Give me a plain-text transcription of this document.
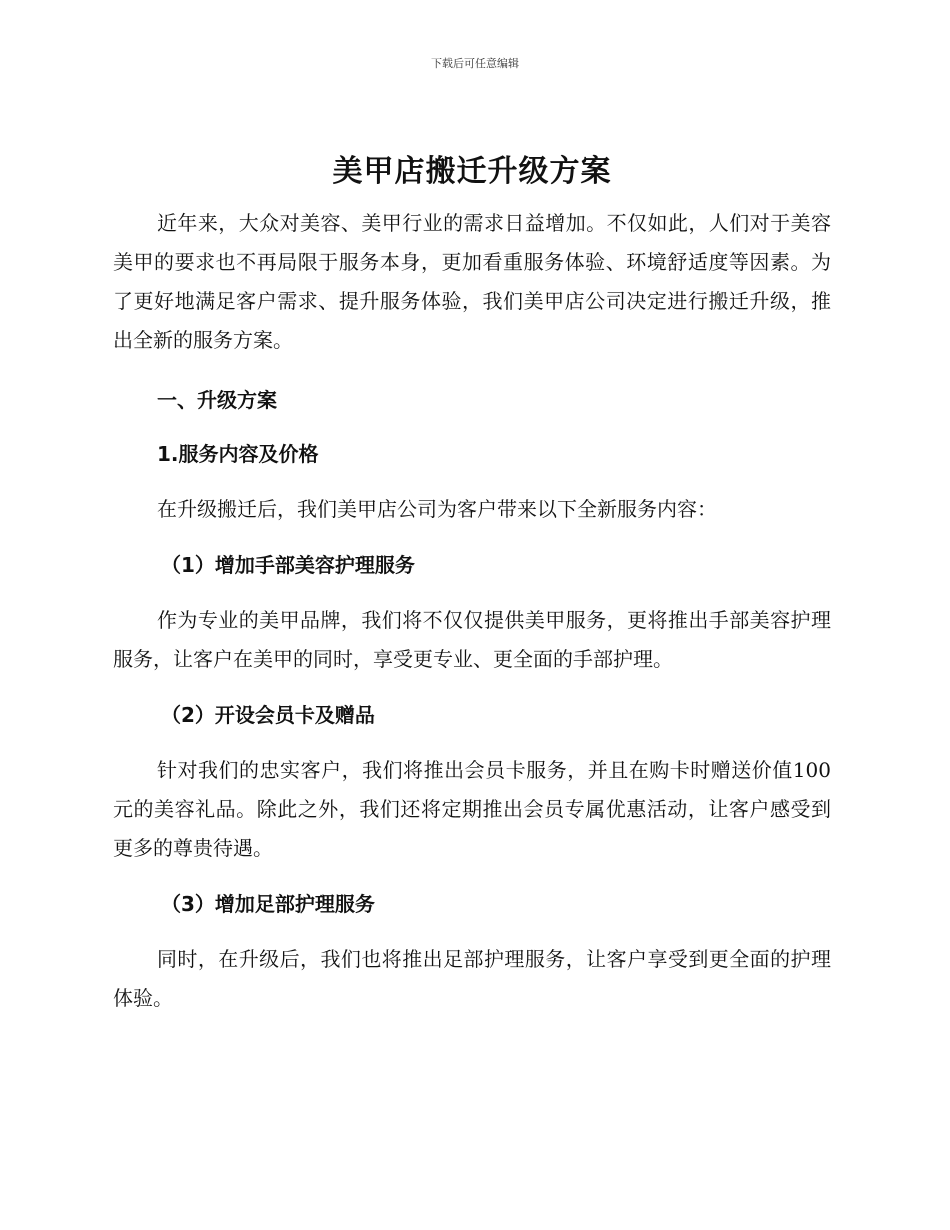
下载后可任意编辑
美甲店搬迁升级方案

近年来，大众对美容、美甲行业的需求日益增加。不仅如此，人们对于美容美甲的要求也不再局限于服务本身，更加看重服务体验、环境舒适度等因素。为了更好地满足客户需求、提升服务体验，我们美甲店公司决定进行搬迁升级，推出全新的服务方案。

一、升级方案
1.服务内容及价格

在升级搬迁后，我们美甲店公司为客户带来以下全新服务内容：

（1）增加手部美容护理服务

作为专业的美甲品牌，我们将不仅仅提供美甲服务，更将推出手部美容护理服务，让客户在美甲的同时，享受更专业、更全面的手部护理。

（2）开设会员卡及赠品

针对我们的忠实客户，我们将推出会员卡服务，并且在购卡时赠送价值100元的美容礼品。除此之外，我们还将定期推出会员专属优惠活动，让客户感受到更多的尊贵待遇。

（3）增加足部护理服务

同时，在升级后，我们也将推出足部护理服务，让客户享受到更全面的护理体验。
